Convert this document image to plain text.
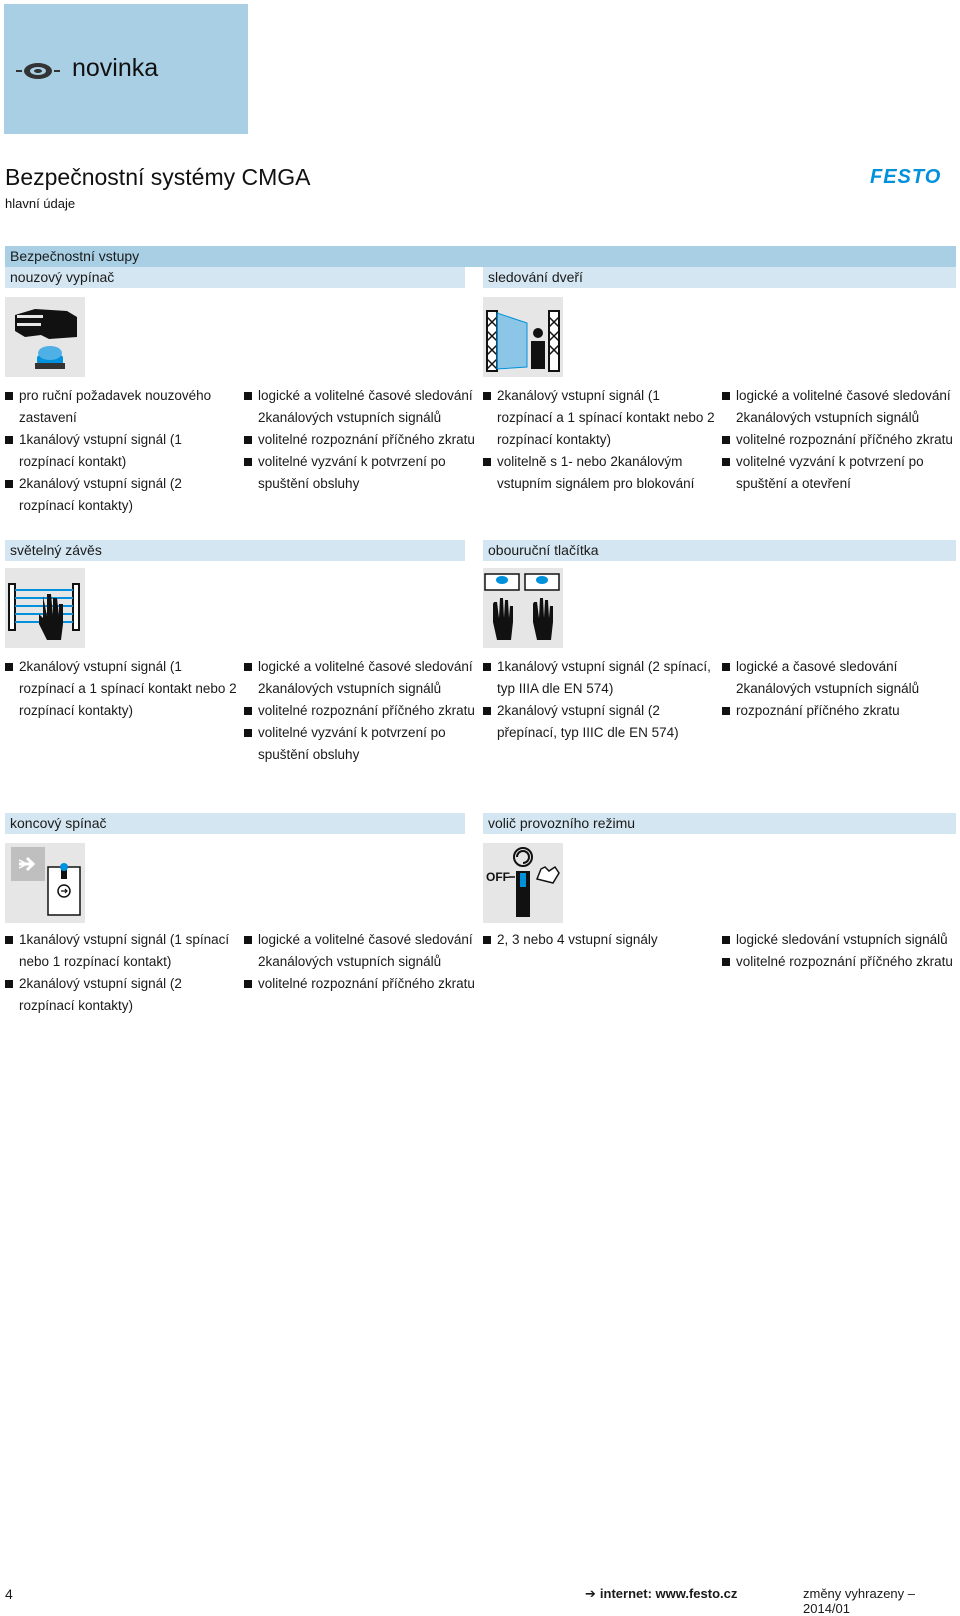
novinka
Bezpečnostní systémy CMGA
hlavní údaje
FESTO
Bezpečnostní vstupy
nouzový vypínač
pro ruční požadavek nouzového zastavení
1kanálový vstupní signál (1 rozpínací kontakt)
2kanálový vstupní signál (2 rozpínací kontakty)
logické a volitelné časové sledování 2kanálových vstupních signálů
volitelné rozpoznání příčného zkratu
volitelné vyzvání k potvrzení po spuštění obsluhy
sledování dveří
2kanálový vstupní signál (1 rozpínací a 1 spínací kontakt nebo 2 rozpínací kontakty)
volitelně s 1- nebo 2kanálovým vstupním signálem pro blokování
logické a volitelné časové sledování 2kanálových vstupních signálů
volitelné rozpoznání příčného zkratu
volitelné vyzvání k potvrzení po spuštění a otevření
světelný závěs
2kanálový vstupní signál (1 rozpínací a 1 spínací kontakt nebo 2 rozpínací kontakty)
logické a volitelné časové sledování 2kanálových vstupních signálů
volitelné rozpoznání příčného zkratu
volitelné vyzvání k potvrzení po spuštění obsluhy
obouruční tlačítka
1kanálový vstupní signál (2 spínací, typ IIIA dle EN 574)
2kanálový vstupní signál (2 přepínací, typ IIIC dle EN 574)
logické a časové sledování 2kanálových vstupních signálů
rozpoznání příčného zkratu
koncový spínač
1kanálový vstupní signál (1 spínací nebo 1 rozpínací kontakt)
2kanálový vstupní signál (2 rozpínací kontakty)
logické a volitelné časové sledování 2kanálových vstupních signálů
volitelné rozpoznání příčného zkratu
volič provozního režimu
OFF
2, 3 nebo 4 vstupní signály	logické sledování vstupních signálů
volitelné rozpoznání příčného zkratu
4	➔ internet: www.festo.cz	změny vyhrazeny – 2014/01
